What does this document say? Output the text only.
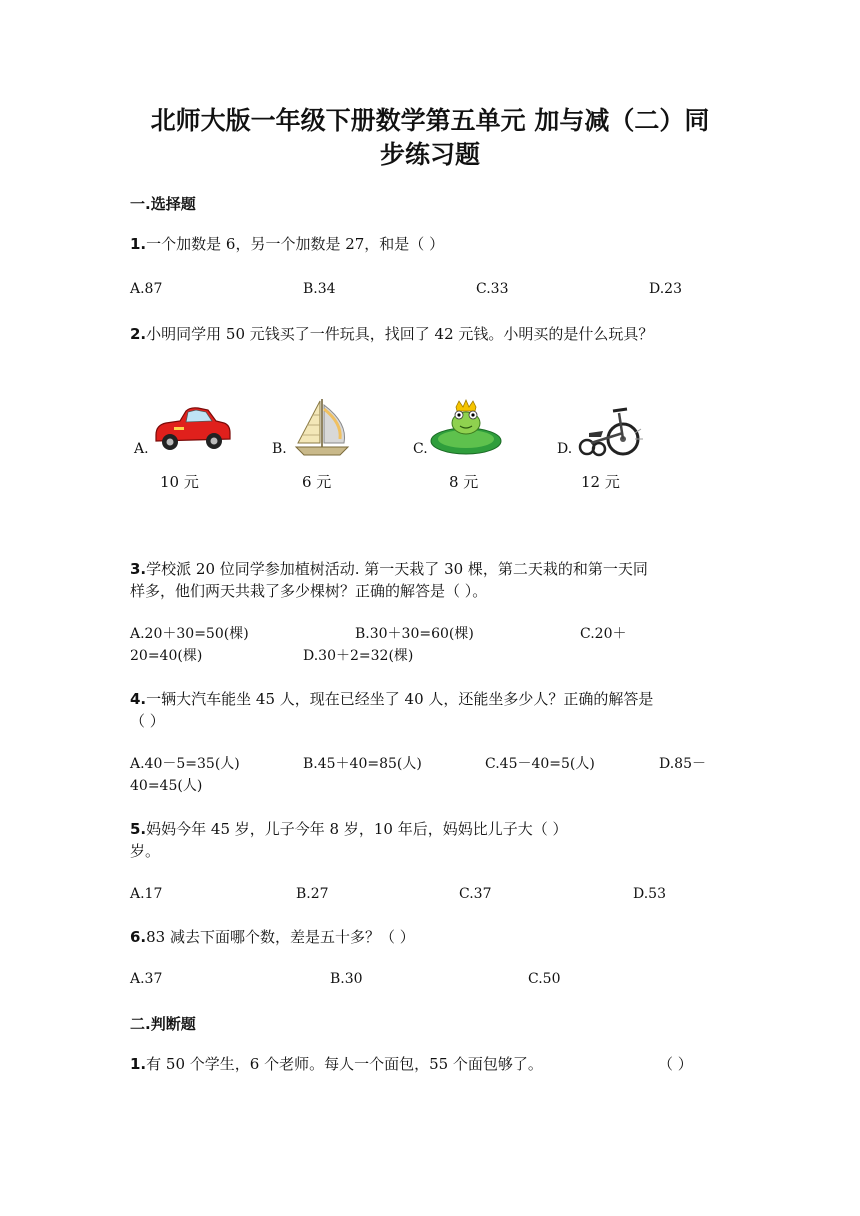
北师大版一年级下册数学第五单元 加与减（二）同
步练习题
一.选择题
1.一个加数是 6，另一个加数是 27，和是（ ）
A.87	B.34	C.33	D.23
2.小明同学用 50 元钱买了一件玩具，找回了 42 元钱。小明买的是什么玩具？
A.
10 元
B.
6 元
C.
8 元
D.
12 元
3.学校派 20 位同学参加植树活动. 第一天栽了 30 棵，第二天栽的和第一天同
样多，他们两天共栽了多少棵树？正确的解答是（ ）。
A.20＋30=50(棵)	B.30＋30=60(棵)	C.20＋
20=40(棵)	D.30＋2=32(棵)
4.一辆大汽车能坐 45 人，现在已经坐了 40 人，还能坐多少人？正确的解答是
（ ）
A.40－5=35(人)	B.45＋40=85(人)	C.45－40=5(人)	D.85－
40=45(人)
5.妈妈今年 45 岁，儿子今年 8 岁，10 年后，妈妈比儿子大（ ）
岁。
A.17	B.27	C.37	D.53
6.83 减去下面哪个数，差是五十多？（ ）
A.37	B.30	C.50
二.判断题
1.有 50 个学生，6 个老师。每人一个面包，55 个面包够了。	（ ）
